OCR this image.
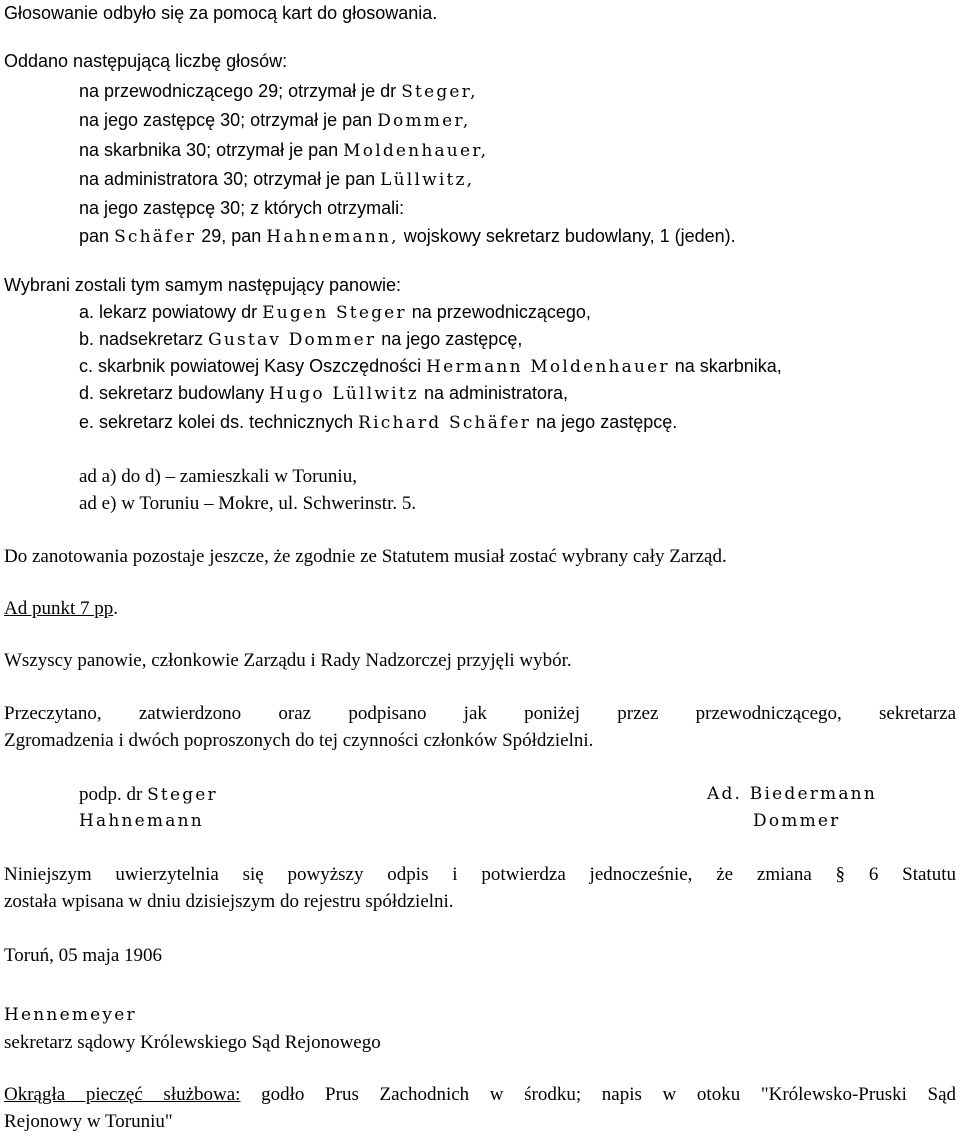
Głosowanie odbyło się za pomocą kart do głosowania.
Oddano następującą liczbę głosów:
na przewodniczącego 29; otrzymał je dr Steger,
na jego zastępcę 30; otrzymał je pan Dommer,
na skarbnika 30; otrzymał je pan Moldenhauer,
na administratora 30; otrzymał je pan Lüllwitz,
na jego zastępcę 30; z których otrzymali:
pan Schäfer 29, pan Hahnemann, wojskowy sekretarz budowlany, 1 (jeden).
Wybrani zostali tym samym następujący panowie:
a. lekarz powiatowy dr Eugen Steger na przewodniczącego,
b. nadsekretarz Gustav Dommer na jego zastępcę,
c. skarbnik powiatowej Kasy Oszczędności Hermann Moldenhauer na skarbnika,
d. sekretarz budowlany Hugo Lüllwitz na administratora,
e. sekretarz kolei ds. technicznych Richard Schäfer na jego zastępcę.
ad a) do d) – zamieszkali w Toruniu,
ad e) w Toruniu – Mokre, ul. Schwerinstr. 5.
Do zanotowania pozostaje jeszcze, że zgodnie ze Statutem musiał zostać wybrany cały Zarząd.
Ad punkt 7 pp.
Wszyscy panowie, członkowie Zarządu i Rady Nadzorczej przyjęli wybór.
Przeczytano, zatwierdzono oraz podpisano jak poniżej przez przewodniczącego, sekretarza
Zgromadzenia i dwóch poproszonych do tej czynności członków Spółdzielni.
podp. dr Steger	Ad. Biedermann
Hahnemann	Dommer
Niniejszym uwierzytelnia się powyższy odpis i potwierdza jednocześnie, że zmiana § 6 Statutu
została wpisana w dniu dzisiejszym do rejestru spółdzielni.
Toruń, 05 maja 1906
Hennemeyer
sekretarz sądowy Królewskiego Sąd Rejonowego
Okrągła pieczęć służbowa: godło Prus Zachodnich w środku; napis w otoku "Królewsko-Pruski Sąd
Rejonowy w Toruniu"
